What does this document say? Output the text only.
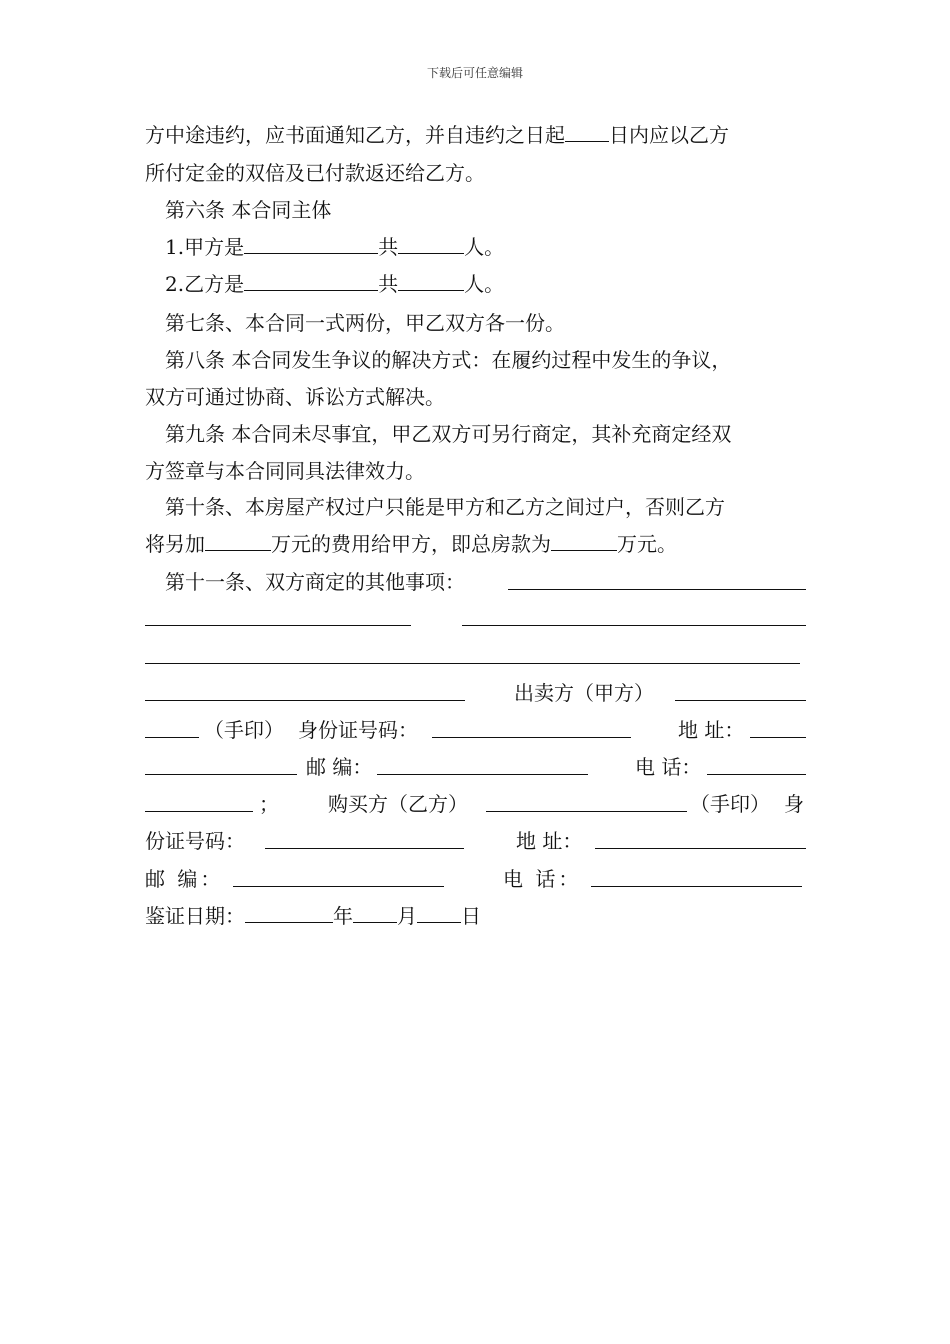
下载后可任意编辑
方中途违约，应书面通知乙方，并自违约之日起 日内应以乙方
所付定金的双倍及已付款返还给乙方。
第六条 本合同主体
1.甲方是	共	人。
2.乙方是	共	人。
第七条、本合同一式两份，甲乙双方各一份。
第八条 本合同发生争议的解决方式：在履约过程中发生的争议，
双方可通过协商、诉讼方式解决。
第九条 本合同未尽事宜，甲乙双方可另行商定，其补充商定经双
方签章与本合同同具法律效力。
第十条、本房屋产权过户只能是甲方和乙方之间过户，否则乙方
将另加	万元的费用给甲方，即总房款为	万元。
第十一条、双方商定的其他事项：
出卖方（甲方）
（手印） 身份证号码：	地 址：
邮 编：	电 话：
；	购买方（乙方）	（手印） 身
份证号码：	地 址：
邮 编：	电 话：
鉴证日期：	年 月 日
